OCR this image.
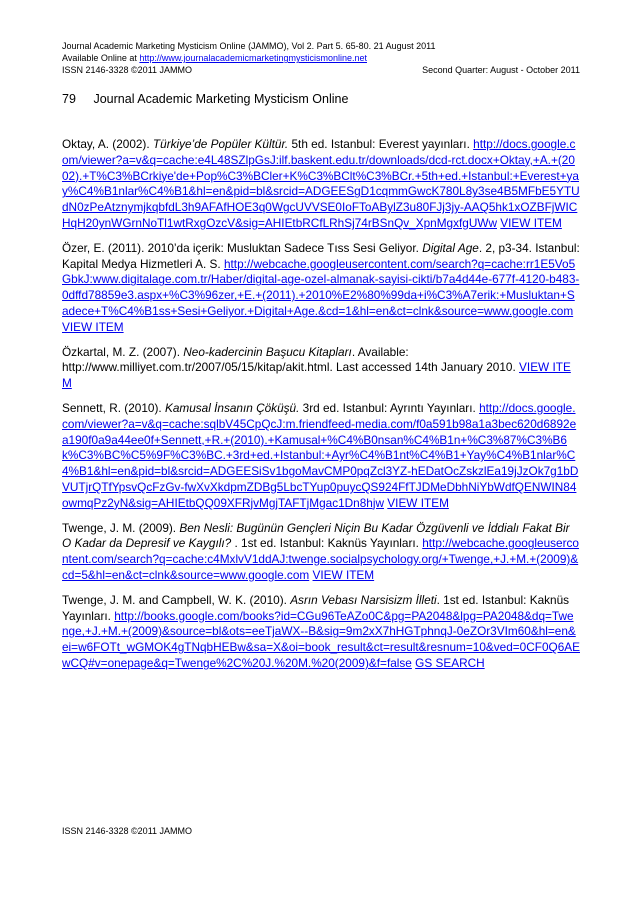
Journal Academic Marketing Mysticism Online (JAMMO), Vol 2. Part 5. 65-80. 21 August 2011
Available Online at http://www.journalacademicmarketingmysticismonline.net
ISSN 2146-3328 ©2011 JAMMO	Second Quarter: August - October 2011
79 Journal Academic Marketing Mysticism Online

Oktay, A. (2002). Türkiye’de Popüler Kültür. 5th ed. Istanbul: Everest yayınları. http://docs.google.com/viewer?a=v&q=cache:e4L48SZlpGsJ:ilf.baskent.edu.tr/downloads/dcd-rct.docx+Oktay,+A.+(2002).+T%C3%BCrkiye'de+Pop%C3%BCler+K%C3%BClt%C3%BCr.+5th+ed.+Istanbul:+Everest+yay%C4%B1nlar%C4%B1&hl=en&pid=bl&srcid=ADGEESgD1cqmmGwcK780L8y3se4B5MFbE5YTUdN0zPeAtznymjkqbfdL3h9AFAfHOE3q0WgcUVVSE0IoFToABylZ3u80FJj3jy-AAQ5hk1xOZBFjWICHqH20ynWGrnNoTl1wtRxgOzcV&sig=AHIEtbRCfLRhSj74rBSnQv_XpnMgxfgUWw VIEW ITEM

Özer, E. (2011). 2010’da içerik: Musluktan Sadece Tıss Sesi Geliyor. Digital Age. 2, p3-34. Istanbul: Kapital Medya Hizmetleri A. S. http://webcache.googleusercontent.com/search?q=cache:rr1E5Vo5GbkJ:www.digitalage.com.tr/Haber/digital-age-ozel-almanak-sayisi-cikti/b7a4d44e-677f-4120-b483-0dffd78859e3.aspx+%C3%96zer,+E.+(2011).+2010%E2%80%99da+i%C3%A7erik:+Musluktan+Sadece+T%C4%B1ss+Sesi+Geliyor.+Digital+Age.&cd=1&hl=en&ct=clnk&source=www.google.com VIEW ITEM

Özkartal, M. Z. (2007). Neo-kadercinin Başucu Kitapları. Available: http://www.milliyet.com.tr/2007/05/15/kitap/akit.html. Last accessed 14th January 2010. VIEW ITEM

Sennett, R. (2010). Kamusal İnsanın Çöküşü. 3rd ed. Istanbul: Ayrıntı Yayınları. http://docs.google.com/viewer?a=v&q=cache:sqlbV45CpQcJ:m.friendfeed-media.com/f0a591b98a1a3bec620d6892ea190f0a9a44ee0f+Sennett,+R.+(2010).+Kamusal+%C4%B0nsan%C4%B1n+%C3%87%C3%B6k%C3%BC%C5%9F%C3%BC.+3rd+ed.+Istanbul:+Ayr%C4%B1nt%C4%B1+Yay%C4%B1nlar%C4%B1&hl=en&pid=bl&srcid=ADGEESiSv1bgoMavCMP0pqZcl3YZ-hEDatOcZskzlEa19jJzOk7g1bDVUTjrQTfYpsvQcFzGv-fwXvXkdpmZDBg5LbcTYup0puycQS924FfTJDMeDbhNiYbWdfQENWIN84owmqPz2yN&sig=AHIEtbQQ09XFRjvMgjTAFTjMgac1Dn8hjw VIEW ITEM

Twenge, J. M. (2009). Ben Nesli: Bugünün Gençleri Niçin Bu Kadar Özgüvenli ve İddialı Fakat Bir O Kadar da Depresif ve Kaygılı? . 1st ed. Istanbul: Kaknüs Yayınları. http://webcache.googleusercontent.com/search?q=cache:c4MxlvV1ddAJ:twenge.socialpsychology.org/+Twenge,+J.+M.+(2009)&cd=5&hl=en&ct=clnk&source=www.google.com VIEW ITEM

Twenge, J. M. and Campbell, W. K. (2010). Asrın Vebası Narsisizm İlleti. 1st ed. Istanbul: Kaknüs Yayınları. http://books.google.com/books?id=CGu96TeAZo0C&pg=PA2048&lpg=PA2048&dq=Twenge,+J.+M.+(2009)&source=bl&ots=eeTjaWX--B&sig=9m2xX7hHGTphnqJ-0eZOr3VIm60&hl=en&ei=w6FOTt_wGMOK4gTNqbHEBw&sa=X&oi=book_result&ct=result&resnum=10&ved=0CF0Q6AEwCQ#v=onepage&q=Twenge%2C%20J.%20M.%20(2009)&f=false GS SEARCH

ISSN 2146-3328 ©2011 JAMMO
